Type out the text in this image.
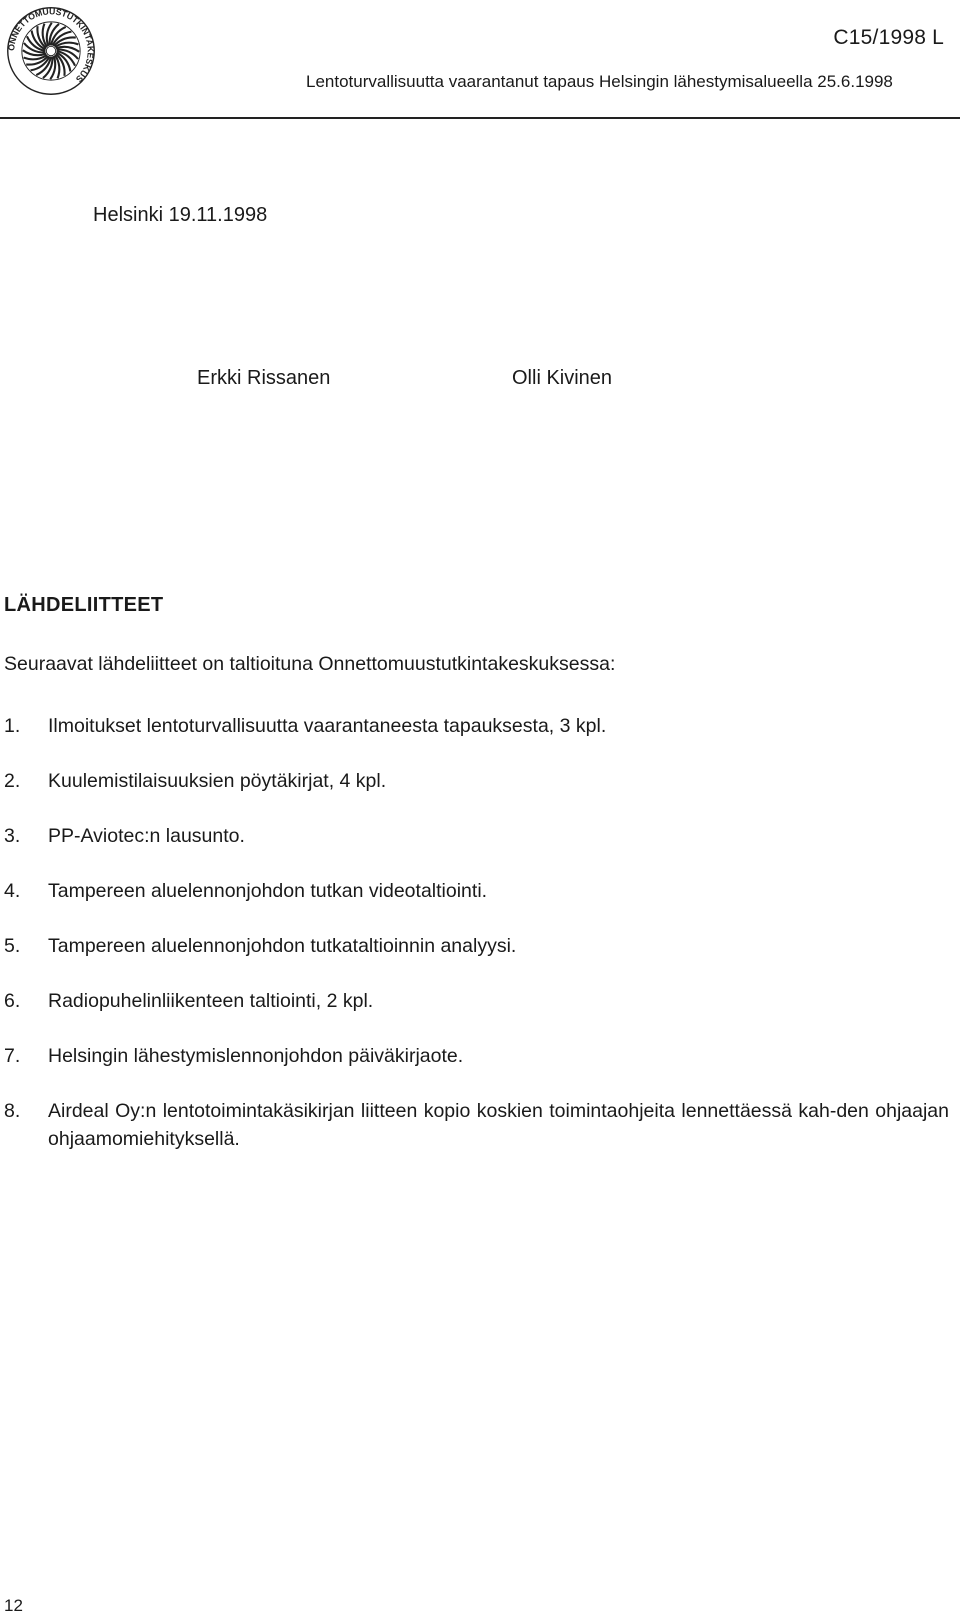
ONNETTOMUUSTUTKINTAKESKUS
C15/1998 L
Lentoturvallisuutta vaarantanut tapaus Helsingin lähestymisalueella 25.6.1998
Helsinki 19.11.1998
Erkki Rissanen	Olli Kivinen
LÄHDELIITTEET
Seuraavat lähdeliitteet on taltioituna Onnettomuustutkintakeskuksessa:
1.	Ilmoitukset lentoturvallisuutta vaarantaneesta tapauksesta, 3 kpl.
2.	Kuulemistilaisuuksien pöytäkirjat, 4 kpl.
3.	PP-Aviotec:n lausunto.
4.	Tampereen aluelennonjohdon tutkan videotaltiointi.
5.	Tampereen aluelennonjohdon tutkataltioinnin analyysi.
6.	Radiopuhelinliikenteen taltiointi, 2 kpl.
7.	Helsingin lähestymislennonjohdon päiväkirjaote.
8.	Airdeal Oy:n lentotoimintakäsikirjan liitteen kopio koskien toimintaohjeita lennettäessä kah-den ohjaajan ohjaamomiehityksellä.
12
